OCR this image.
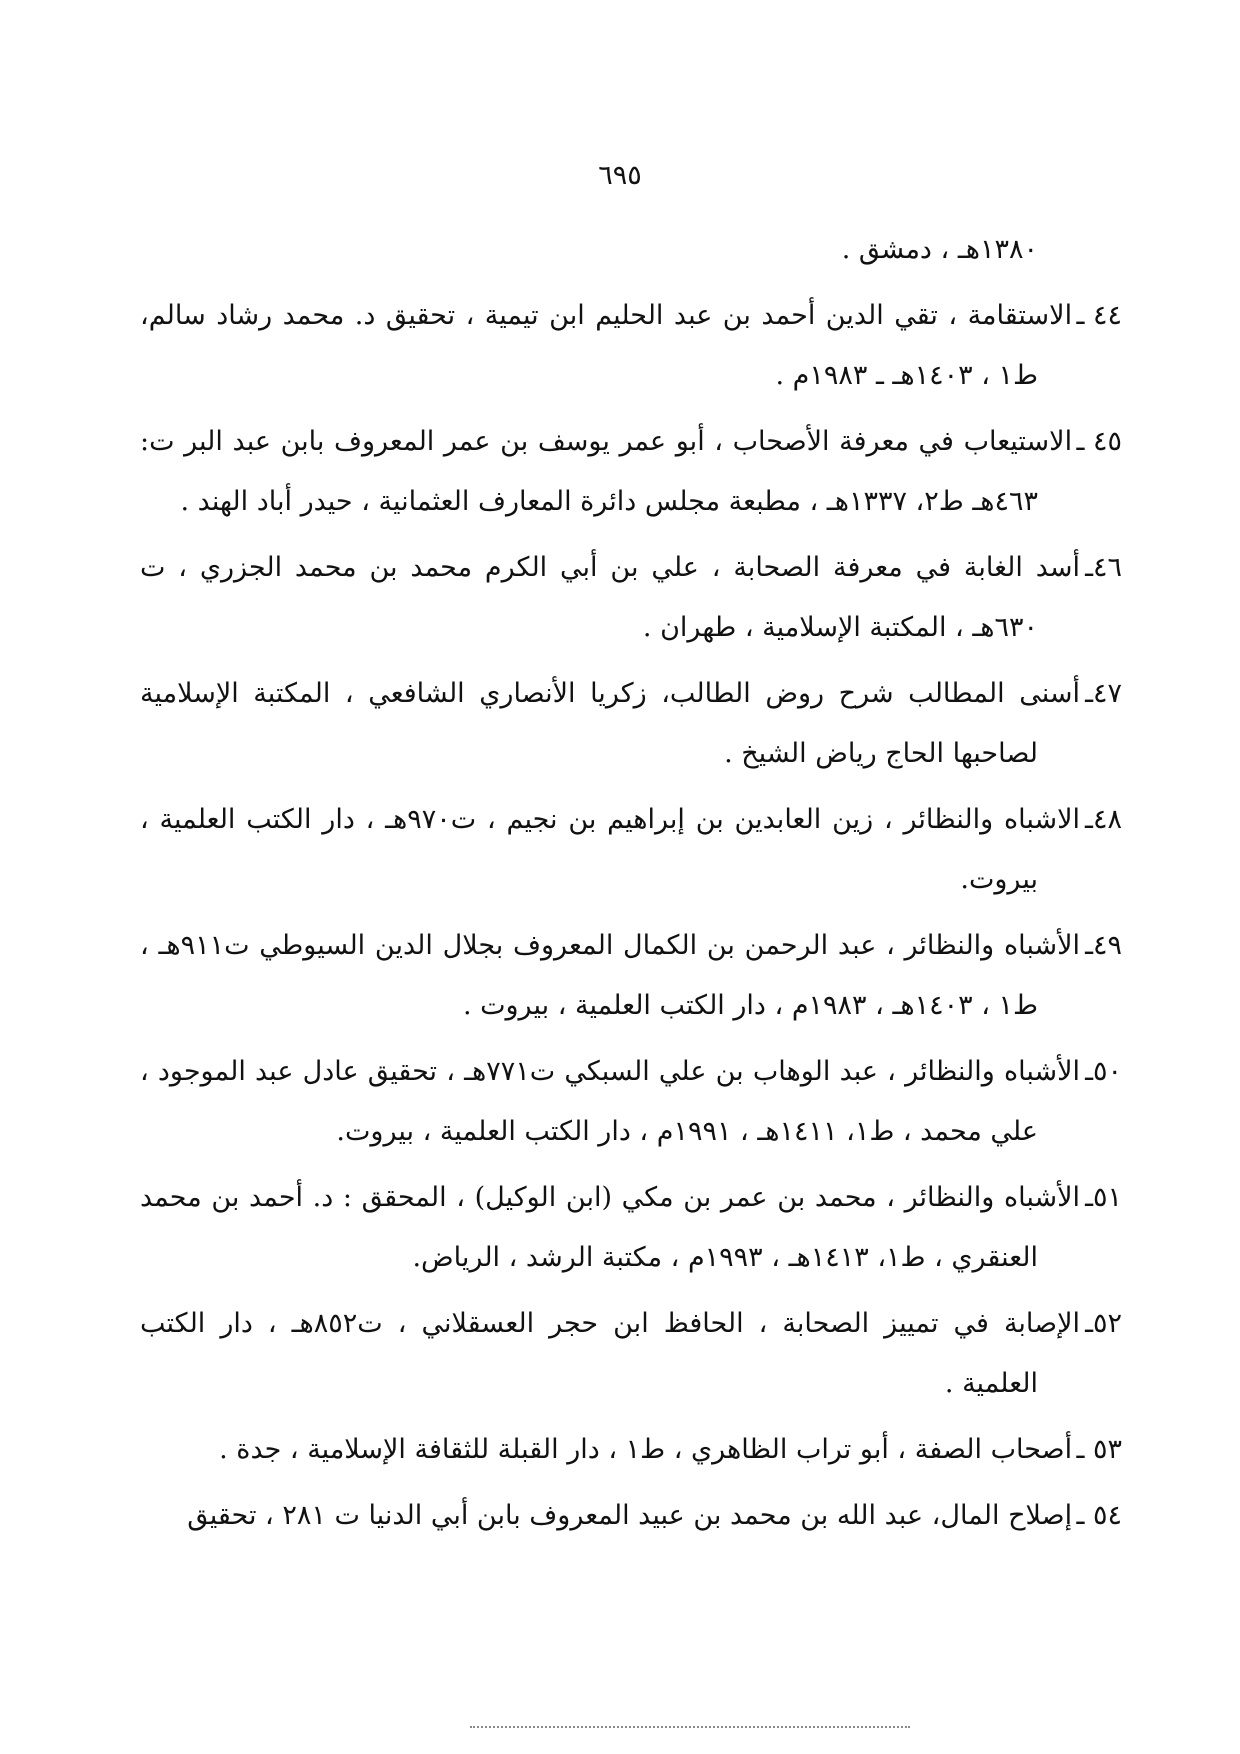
٦٩٥

١٣٨٠هـ ، دمشق .

٤٤ ـالاستقامة ، تقي الدين أحمد بن عبد الحليم ابن تيمية ، تحقيق د. محمد رشاد سالم، ط١ ، ١٤٠٣هـ ـ ١٩٨٣م .

٤٥ ـالاستيعاب في معرفة الأصحاب ، أبو عمر يوسف بن عمر المعروف بابن عبد البر ت: ٤٦٣هـ ط٢، ١٣٣٧هـ ، مطبعة مجلس دائرة المعارف العثمانية ، حيدر أباد الهند .

٤٦ـأسد الغابة في معرفة الصحابة ، علي بن أبي الكرم محمد بن محمد الجزري ، ت ٦٣٠هـ ، المكتبة الإسلامية ، طهران .

٤٧ـأسنى المطالب شرح روض الطالب، زكريا الأنصاري الشافعي ، المكتبة الإسلامية لصاحبها الحاج رياض الشيخ .

٤٨ـالاشباه والنظائر ، زين العابدين بن إبراهيم بن نجيم ، ت٩٧٠هـ ، دار الكتب العلمية ، بيروت.

٤٩ـالأشباه والنظائر ، عبد الرحمن بن الكمال المعروف بجلال الدين السيوطي ت٩١١هـ ، ط١ ، ١٤٠٣هـ ، ١٩٨٣م ، دار الكتب العلمية ، بيروت .

٥٠ـالأشباه والنظائر ، عبد الوهاب بن علي السبكي ت٧٧١هـ ، تحقيق عادل عبد الموجود ، علي محمد ، ط١، ١٤١١هـ ، ١٩٩١م ، دار الكتب العلمية ، بيروت.

٥١ـالأشباه والنظائر ، محمد بن عمر بن مكي (ابن الوكيل) ، المحقق : د. أحمد بن محمد العنقري ، ط١، ١٤١٣هـ ، ١٩٩٣م ، مكتبة الرشد ، الرياض.

٥٢ـالإصابة في تمييز الصحابة ، الحافظ ابن حجر العسقلاني ، ت٨٥٢هـ ، دار الكتب العلمية .

٥٣ ـأصحاب الصفة ، أبو تراب الظاهري ، ط١ ، دار القبلة للثقافة الإسلامية ، جدة .

٥٤ ـإصلاح المال، عبد الله بن محمد بن عبيد المعروف بابن أبي الدنيا ت ٢٨١ ، تحقيق
